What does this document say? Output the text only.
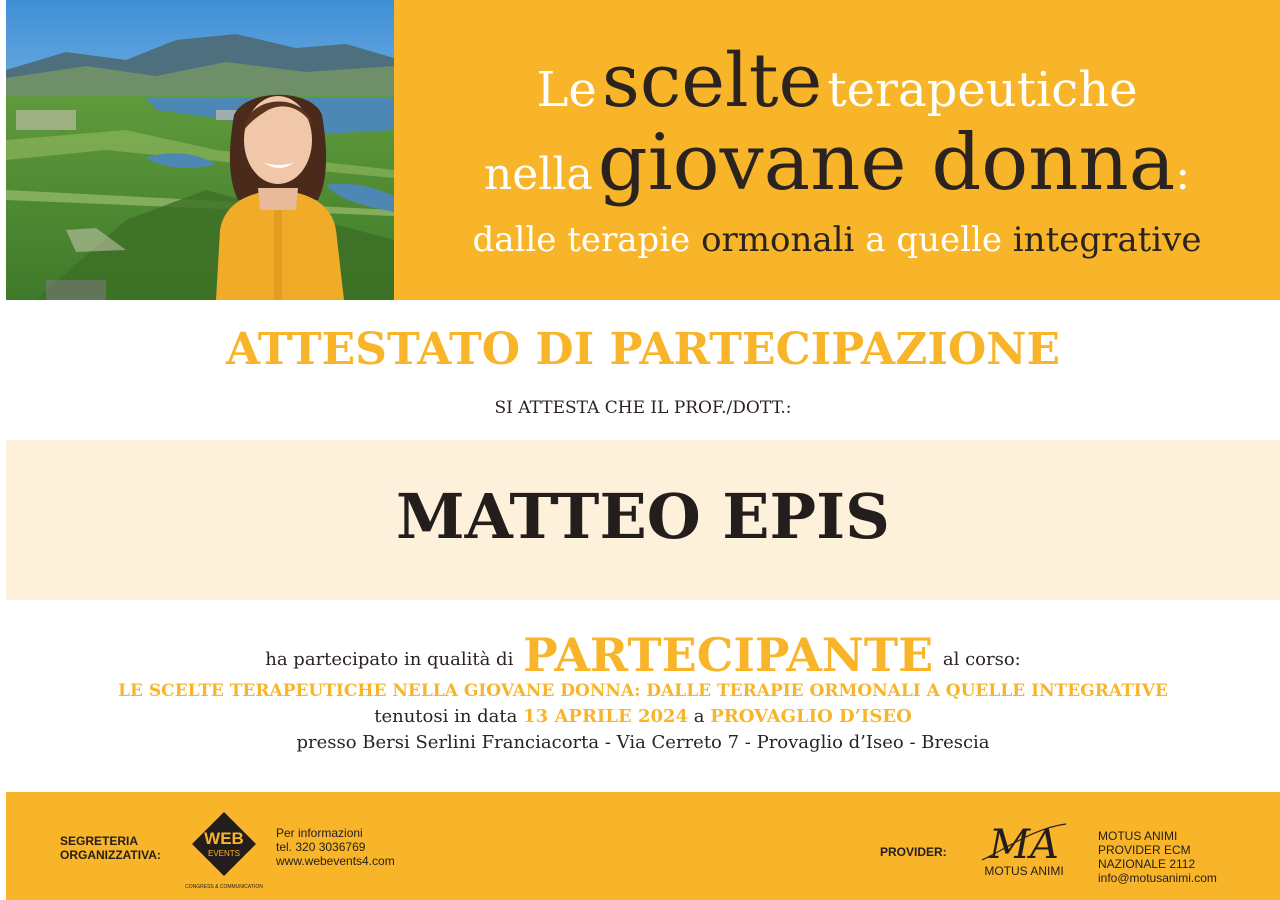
Le scelte terapeutiche
nella giovane donna:
dalle terapie ormonali a quelle integrative
ATTESTATO DI PARTECIPAZIONE
SI ATTESTA CHE IL PROF./DOTT.:
MATTEO EPIS
ha partecipato in qualità di PARTECIPANTE al corso:
LE SCELTE TERAPEUTICHE NELLA GIOVANE DONNA: DALLE TERAPIE ORMONALI A QUELLE INTEGRATIVE
tenutosi in data 13 APRILE 2024 a PROVAGLIO D’ISEO
presso Bersi Serlini Franciacorta - Via Cerreto 7 - Provaglio d’Iseo - Brescia
SEGRETERIA
ORGANIZZATIVA:
WEB
EVENTS
CONGRESS & COMMUNICATION
Per informazioni
tel. 320 3036769
www.webevents4.com
PROVIDER: MA
MOTUS ANIMI
MOTUS ANIMI
PROVIDER ECM
NAZIONALE 2112
info@motusanimi.com
